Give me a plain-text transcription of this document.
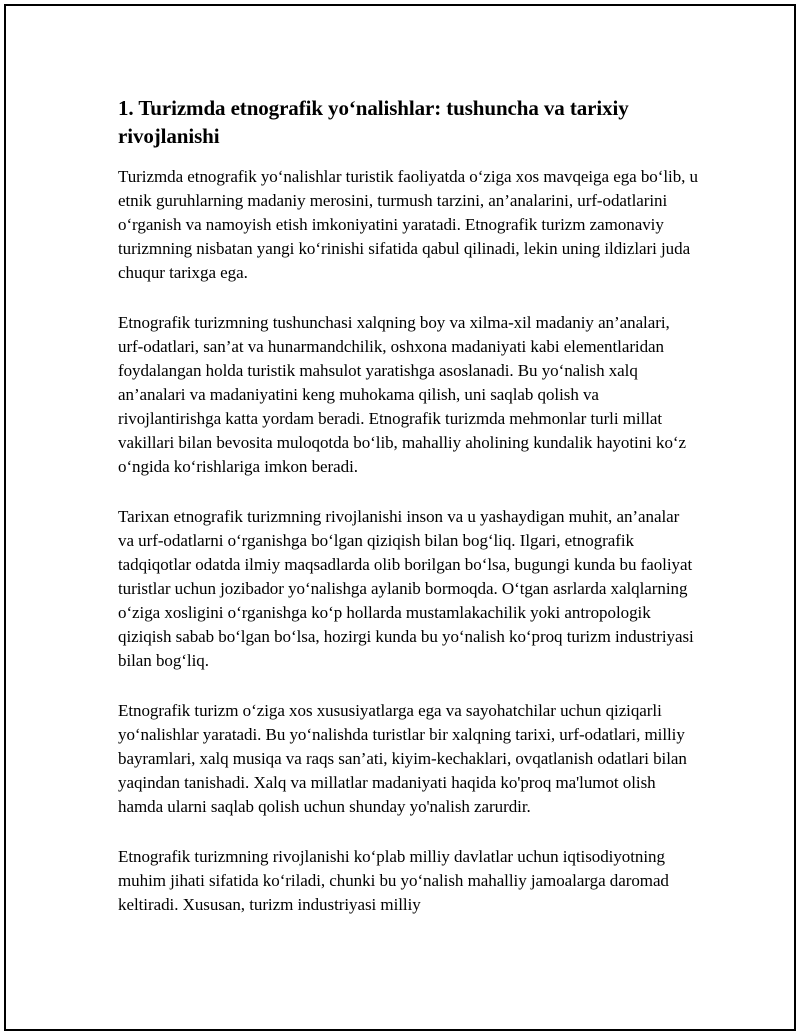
1. Turizmda etnografik yo‘nalishlar: tushuncha va tarixiy rivojlanishi

Turizmda etnografik yo‘nalishlar turistik faoliyatda o‘ziga xos mavqeiga ega bo‘lib, u etnik guruhlarning madaniy merosini, turmush tarzini, an’analarini, urf-odatlarini o‘rganish va namoyish etish imkoniyatini yaratadi. Etnografik turizm zamonaviy turizmning nisbatan yangi ko‘rinishi sifatida qabul qilinadi, lekin uning ildizlari juda chuqur tarixga ega.

Etnografik turizmning tushunchasi xalqning boy va xilma-xil madaniy an’analari, urf-odatlari, san’at va hunarmandchilik, oshxona madaniyati kabi elementlaridan foydalangan holda turistik mahsulot yaratishga asoslanadi. Bu yo‘nalish xalq an’analari va madaniyatini keng muhokama qilish, uni saqlab qolish va rivojlantirishga katta yordam beradi. Etnografik turizmda mehmonlar turli millat vakillari bilan bevosita muloqotda bo‘lib, mahalliy aholining kundalik hayotini ko‘z o‘ngida ko‘rishlariga imkon beradi.

Tarixan etnografik turizmning rivojlanishi inson va u yashaydigan muhit, an’analar va urf-odatlarni o‘rganishga bo‘lgan qiziqish bilan bog‘liq. Ilgari, etnografik tadqiqotlar odatda ilmiy maqsadlarda olib borilgan bo‘lsa, bugungi kunda bu faoliyat turistlar uchun jozibador yo‘nalishga aylanib bormoqda. O‘tgan asrlarda xalqlarning o‘ziga xosligini o‘rganishga ko‘p hollarda mustamlakachilik yoki antropologik qiziqish sabab bo‘lgan bo‘lsa, hozirgi kunda bu yo‘nalish ko‘proq turizm industriyasi bilan bog‘liq.

Etnografik turizm o‘ziga xos xususiyatlarga ega va sayohatchilar uchun qiziqarli yo‘nalishlar yaratadi. Bu yo‘nalishda turistlar bir xalqning tarixi, urf-odatlari, milliy bayramlari, xalq musiqa va raqs san’ati, kiyim-kechaklari, ovqatlanish odatlari bilan yaqindan tanishadi. Xalq va millatlar madaniyati haqida ko'proq ma'lumot olish hamda ularni saqlab qolish uchun shunday yo'nalish zarurdir.

Etnografik turizmning rivojlanishi ko‘plab milliy davlatlar uchun iqtisodiyotning muhim jihati sifatida ko‘riladi, chunki bu yo‘nalish mahalliy jamoalarga daromad keltiradi. Xususan, turizm industriyasi milliy
